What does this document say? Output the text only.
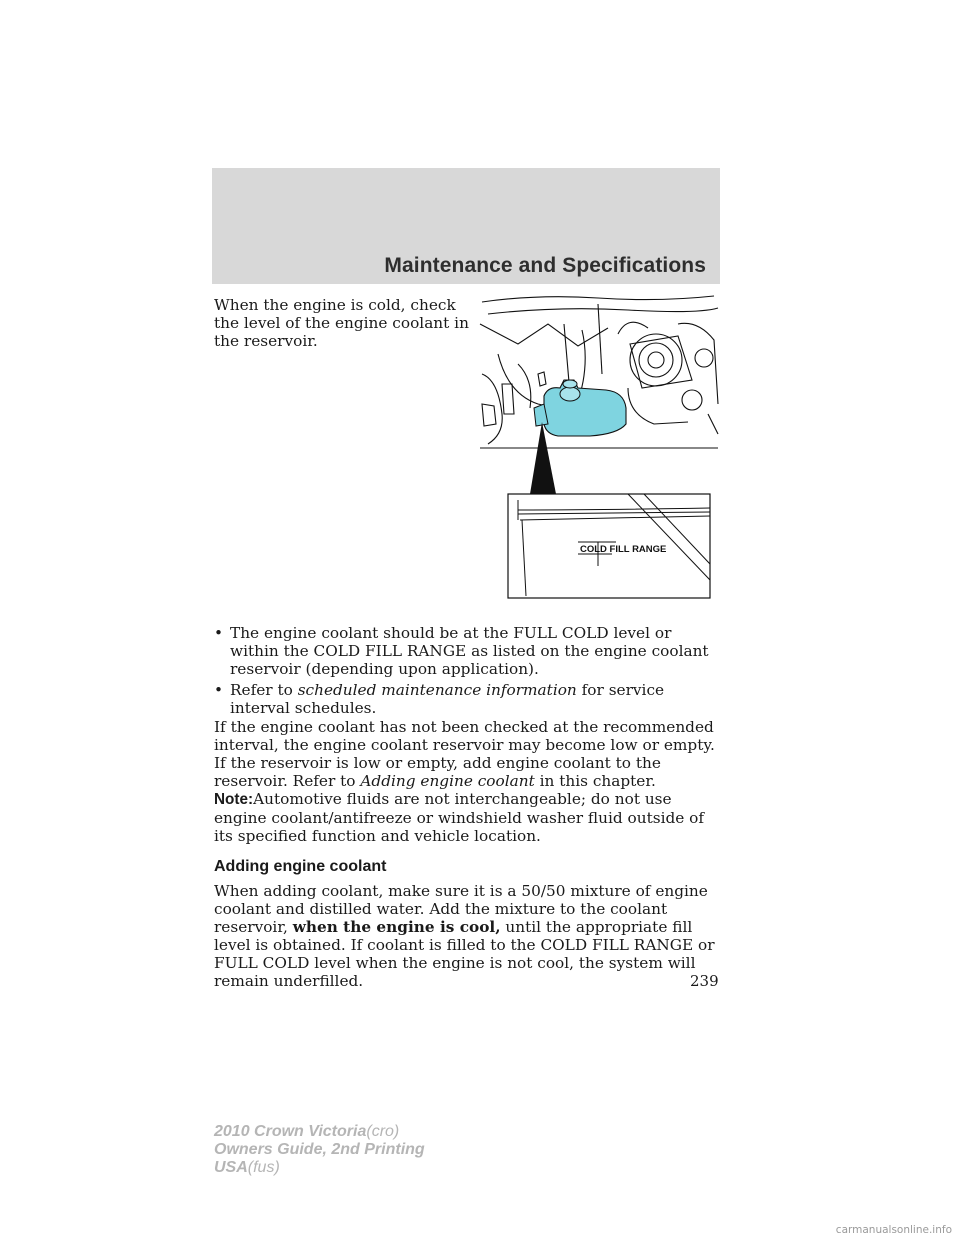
Maintenance and Specifications
When the engine is cold, check the level of the engine coolant in the reservoir.
COLD FILL RANGE
• The engine coolant should be at the FULL COLD level or within the COLD FILL RANGE as listed on the engine coolant reservoir (depending upon application).
• Refer to scheduled maintenance information for service interval schedules.
If the engine coolant has not been checked at the recommended interval, the engine coolant reservoir may become low or empty. If the reservoir is low or empty, add engine coolant to the reservoir. Refer to Adding engine coolant in this chapter.
Note:Automotive fluids are not interchangeable; do not use engine coolant/antifreeze or windshield washer fluid outside of its specified function and vehicle location.
Adding engine coolant
When adding coolant, make sure it is a 50/50 mixture of engine coolant and distilled water. Add the mixture to the coolant reservoir, when the engine is cool, until the appropriate fill level is obtained. If coolant is filled to the COLD FILL RANGE or FULL COLD level when the engine is not cool, the system will remain underfilled.	239
2010 Crown Victoria(cro)
Owners Guide, 2nd Printing
USA(fus)
carmanualsonline.info
